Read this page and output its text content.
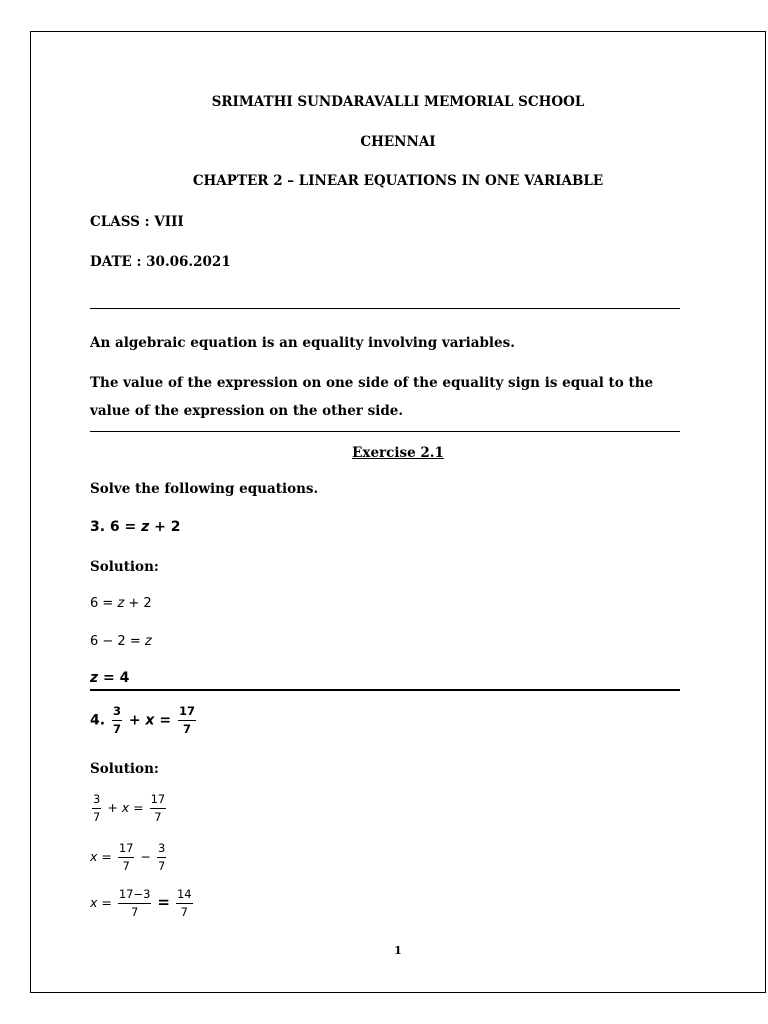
SRIMATHI SUNDARAVALLI MEMORIAL SCHOOL
CHENNAI
CHAPTER 2 – LINEAR EQUATIONS IN ONE VARIABLE
CLASS : VIII
DATE : 30.06.2021
An algebraic equation is an equality involving variables.
The value of the expression on one side of the equality sign is equal to the
value of the expression on the other side.
Exercise 2.1
Solve the following equations.
3. 6 = z + 2
Solution:
6 = z + 2
6 − 2 = z
z = 4
4. $\frac{3}{7} + x = \frac{17}{7}$
Solution:
$\frac{3}{7} + x = \frac{17}{7}$
$x = \frac{17}{7} - \frac{3}{7}$
$x = \frac{17-3}{7} = \frac{14}{7}$
1
